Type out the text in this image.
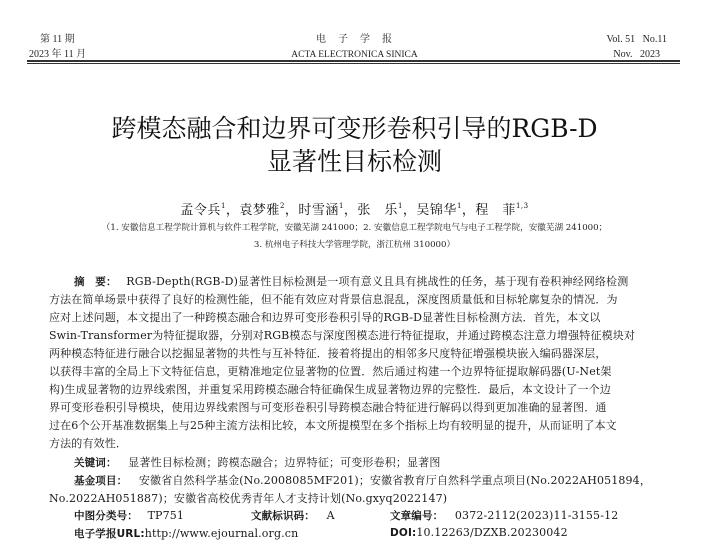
第 11 期
2023 年 11 月
电　子　学　报
ACTA ELECTRONICA SINICA
Vol. 51   No.11
Nov.   2023
跨模态融合和边界可变形卷积引导的RGB-D
显著性目标检测
孟令兵$^1$，袁梦雅$^2$，时雪涵$^1$，张　乐$^1$，吴锦华$^1$，程　菲$^{1,3}$
（1. 安徽信息工程学院计算机与软件工程学院，安徽芜湖 241000；2. 安徽信息工程学院电气与电子工程学院，安徽芜湖 241000；
3. 杭州电子科技大学管理学院，浙江杭州 310000）
摘　要： RGB-Depth(RGB-D)显著性目标检测是一项有意义且具有挑战性的任务，基于现有卷积神经网络检测
方法在简单场景中获得了良好的检测性能，但不能有效应对背景信息混乱，深度图质量低和目标轮廓复杂的情况．为
应对上述问题，本文提出了一种跨模态融合和边界可变形卷积引导的RGB-D显著性目标检测方法．首先，本文以
Swin-Transformer为特征提取器，分别对RGB模态与深度图模态进行特征提取，并通过跨模态注意力增强特征模块对
两种模态特征进行融合以挖掘显著物的共性与互补特征．接着将提出的相邻多尺度特征增强模块嵌入编码器深层，
以获得丰富的全局上下文特征信息，更精准地定位显著物的位置．然后通过构建一个边界特征提取解码器(U-Net架
构)生成显著物的边界线索图，并重复采用跨模态融合特征确保生成显著物边界的完整性．最后，本文设计了一个边
界可变形卷积引导模块，使用边界线索图与可变形卷积引导跨模态融合特征进行解码以得到更加准确的显著图．通
过在6个公开基准数据集上与25种主流方法相比较，本文所提模型在多个指标上均有较明显的提升，从而证明了本文
方法的有效性．
关键词： 显著性目标检测；跨模态融合；边界特征；可变形卷积；显著图
基金项目： 安徽省自然科学基金(No.2008085MF201)；安徽省教育厅自然科学重点项目(No.2022AH051894，
No.2022AH051887)；安徽省高校优秀青年人才支持计划(No.gxyq2022147)
中图分类号： TP751	文献标识码： A	文章编号： 0372-2112(2023)11-3155-12
电子学报URL:http://www.ejournal.org.cn	DOI:10.12263/DZXB.20230042
